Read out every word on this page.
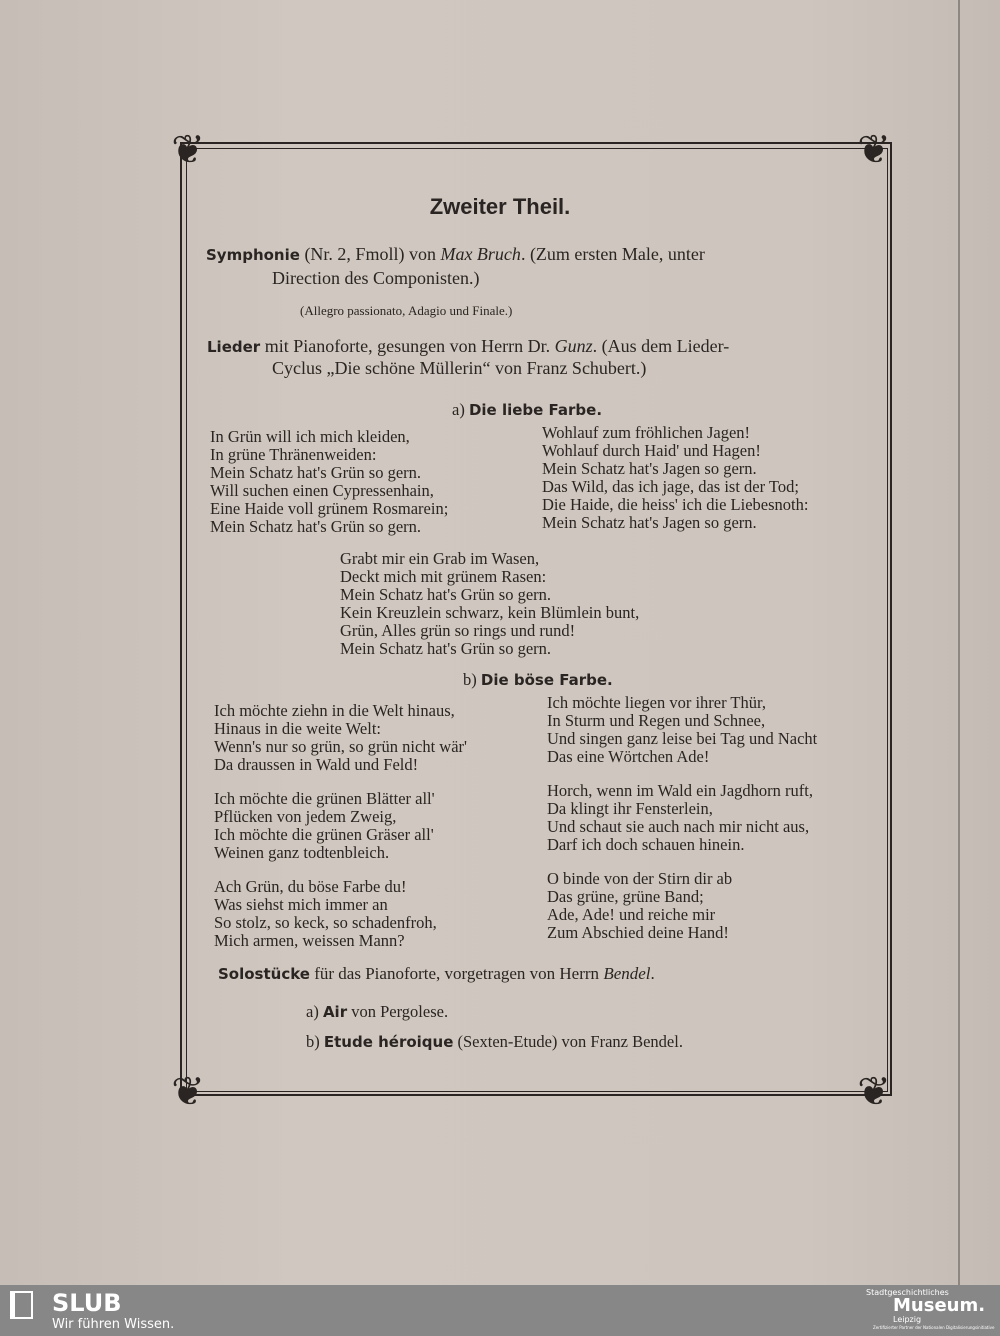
❦	❦
❦	❦
Zweiter Theil.
Symphonie (Nr. 2, Fmoll) von Max Bruch. (Zum ersten Male, unter
Direction des Componisten.)
(Allegro passionato, Adagio und Finale.)
Lieder mit Pianoforte, gesungen von Herrn Dr. Gunz. (Aus dem Lieder-
Cyclus „Die schöne Müllerin“ von Franz Schubert.)
a) Die liebe Farbe.
In Grün will ich mich kleiden,
In grüne Thränenweiden:
Mein Schatz hat's Grün so gern.
Will suchen einen Cypressenhain,
Eine Haide voll grünem Rosmarein;
Mein Schatz hat's Grün so gern.
Wohlauf zum fröhlichen Jagen!
Wohlauf durch Haid' und Hagen!
Mein Schatz hat's Jagen so gern.
Das Wild, das ich jage, das ist der Tod;
Die Haide, die heiss' ich die Liebesnoth:
Mein Schatz hat's Jagen so gern.
Grabt mir ein Grab im Wasen,
Deckt mich mit grünem Rasen:
Mein Schatz hat's Grün so gern.
Kein Kreuzlein schwarz, kein Blümlein bunt,
Grün, Alles grün so rings und rund!
Mein Schatz hat's Grün so gern.
b) Die böse Farbe.
Ich möchte ziehn in die Welt hinaus,
Hinaus in die weite Welt:
Wenn's nur so grün, so grün nicht wär'
Da draussen in Wald und Feld!
Ich möchte die grünen Blätter all'
Pflücken von jedem Zweig,
Ich möchte die grünen Gräser all'
Weinen ganz todtenbleich.
Ach Grün, du böse Farbe du!
Was siehst mich immer an
So stolz, so keck, so schadenfroh,
Mich armen, weissen Mann?
Ich möchte liegen vor ihrer Thür,
In Sturm und Regen und Schnee,
Und singen ganz leise bei Tag und Nacht
Das eine Wörtchen Ade!
Horch, wenn im Wald ein Jagdhorn ruft,
Da klingt ihr Fensterlein,
Und schaut sie auch nach mir nicht aus,
Darf ich doch schauen hinein.
O binde von der Stirn dir ab
Das grüne, grüne Band;
Ade, Ade! und reiche mir
Zum Abschied deine Hand!
Solostücke für das Pianoforte, vorgetragen von Herrn Bendel.
a) Air von Pergolese.
b) Etude héroique (Sexten-Etude) von Franz Bendel.
SLUB
Wir führen Wissen.
Stadtgeschichtliches
Museum.
Leipzig
Zertifizierter Partner der Nationalen Digitalisierungsinitiative
